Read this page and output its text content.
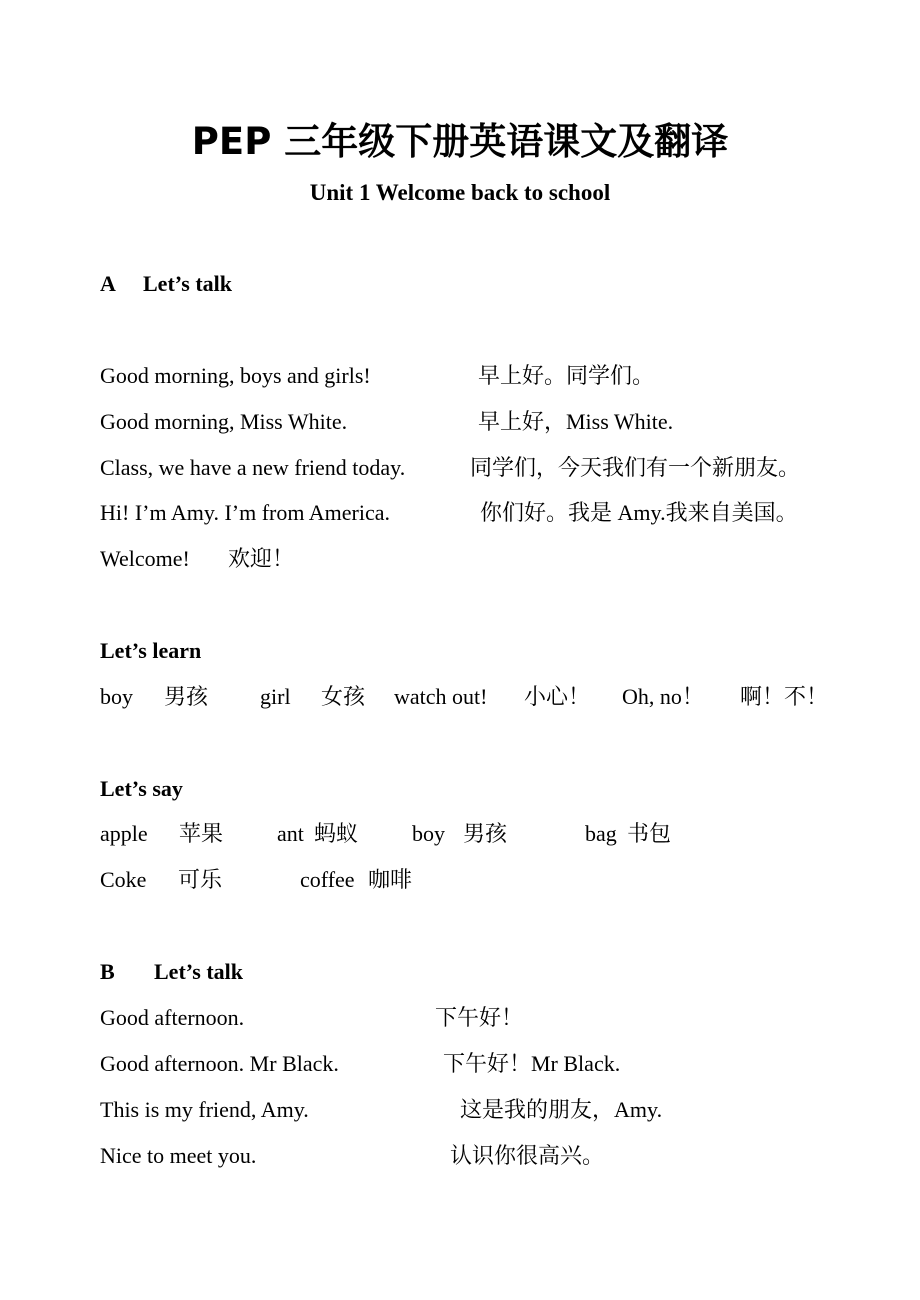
PEP 三年级下册英语课文及翻译
Unit 1 Welcome back to school
A Let’s talk
Good morning, boys and girls!	早上好。同学们。
Good morning, Miss White.	早上好，Miss White.
Class, we have a new friend today.	同学们，今天我们有一个新朋友。
Hi! I’m Amy. I’m from America.	你们好。我是 Amy.我来自美国。
Welcome! 欢迎！
Let’s learn
boy 男孩 girl 女孩 watch out! 小心！ Oh, no！ 啊！不！
Let’s say
apple 苹果 ant 蚂蚁 boy 男孩	bag 书包
Coke 可乐	coffee 咖啡
B Let’s talk
Good afternoon.	下午好！
Good afternoon. Mr Black.	下午好！Mr Black.
This is my friend, Amy.	这是我的朋友，Amy.
Nice to meet you.	认识你很高兴。
